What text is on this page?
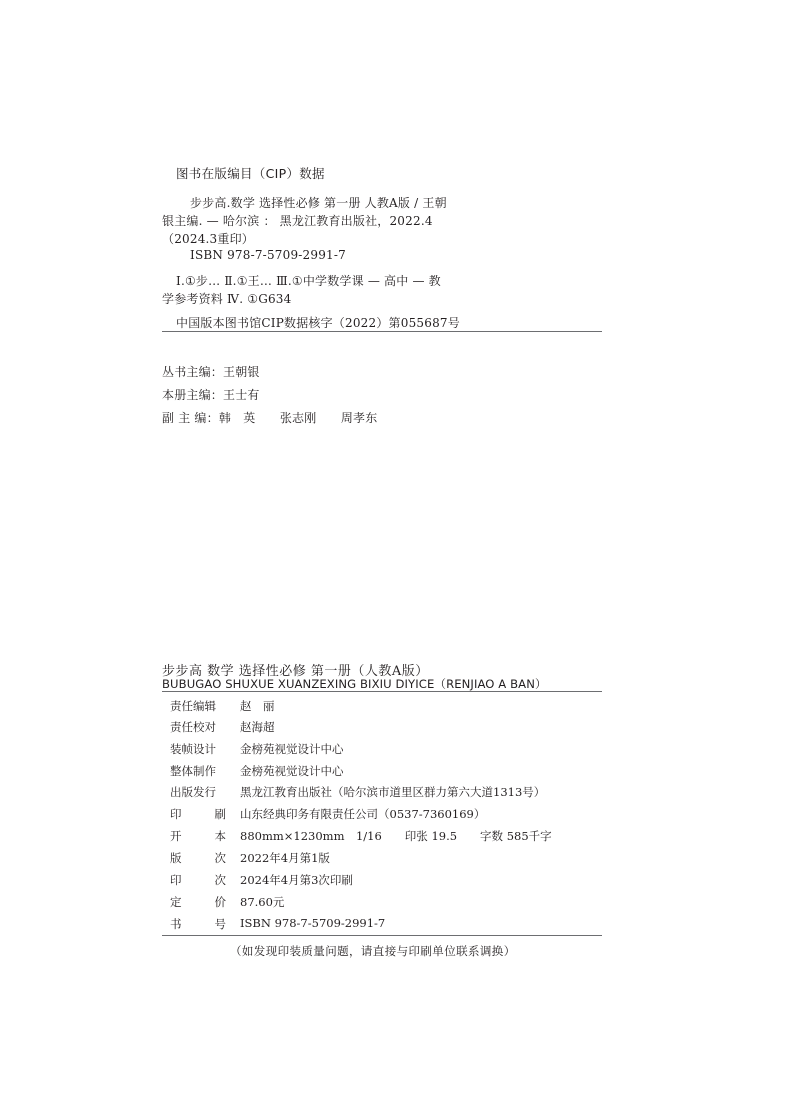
图书在版编目（CIP）数据
步步高.数学 选择性必修 第一册 人教A版 / 王朝
银主编. — 哈尔滨 ： 黑龙江教育出版社，2022.4
（2024.3重印）
ISBN 978-7-5709-2991-7
Ⅰ.①步… Ⅱ.①王… Ⅲ.①中学数学课 — 高中 — 教
学参考资料 Ⅳ. ①G634
中国版本图书馆CIP数据核字（2022）第055687号
丛书主编：王朝银
本册主编：王士有
副 主 编：韩　英　　张志刚　　周孝东
步步高 数学 选择性必修 第一册（人教A版）
BUBUGAO SHUXUE XUANZEXING BIXIU DIYICE（RENJIAO A BAN）
责任编辑 赵　丽
责任校对 赵海超
装帧设计 金榜苑视觉设计中心
整体制作 金榜苑视觉设计中心
出版发行 黑龙江教育出版社（哈尔滨市道里区群力第六大道1313号）
印	刷 山东经典印务有限责任公司（0537-7360169）
开	本 880mm×1230mm　1/16　　印张 19.5　　字数 585千字
版	次 2022年4月第1版
印	次 2024年4月第3次印刷
定	价 87.60元
书	号 ISBN 978-7-5709-2991-7
（如发现印装质量问题，请直接与印刷单位联系调换）
